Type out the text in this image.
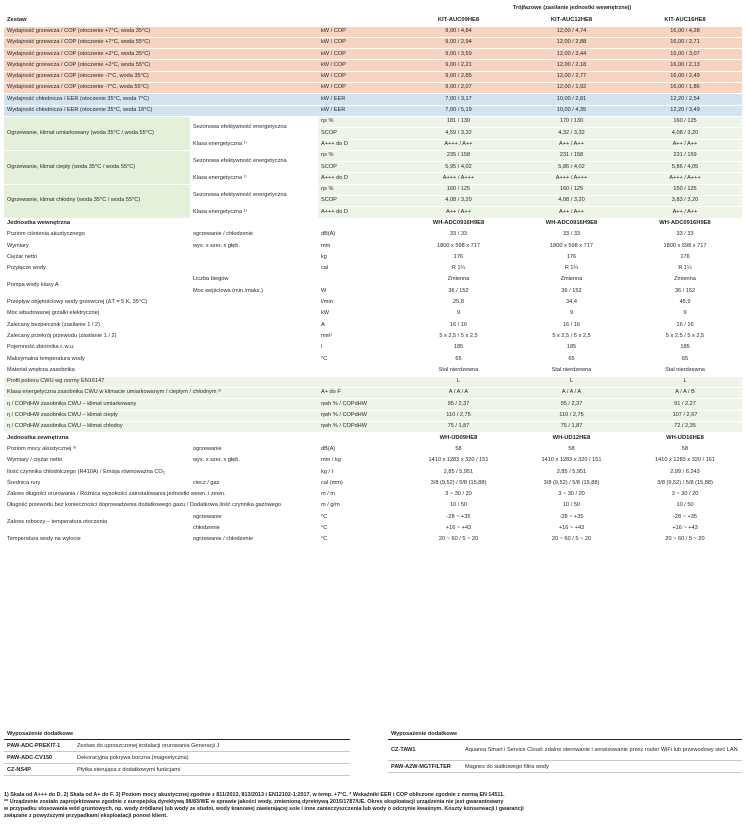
			Trójfazowe (zasilanie jednostki wewnętrznej)		
Zestaw			KIT-AUC09HE8	KIT-AUC12HE8	KIT-AUC16HE8
Wydajność grzewcza / COP (otoczenie +7°C, woda 35°C)		kW / COP	9,00 / 4,84	12,00 / 4,74	16,00 / 4,28
Wydajność grzewcza / COP (otoczenie +7°C, woda 55°C)		kW / COP	9,00 / 2,94	12,00 / 2,88	16,00 / 2,71
Wydajność grzewcza / COP (otoczenie +2°C, woda 35°C)		kW / COP	9,00 / 3,59	12,00 / 3,44	16,00 / 3,07
Wydajność grzewcza / COP (otoczenie +2°C, woda 55°C)		kW / COP	9,00 / 2,21	12,00 / 2,18	16,00 / 2,13
Wydajność grzewcza / COP (otoczenie -7°C, woda 35°C)		kW / COP	9,00 / 2,85	12,00 / 2,77	16,00 / 2,49
Wydajność grzewcza / COP (otoczenie -7°C, woda 55°C)		kW / COP	9,00 / 2,07	12,00 / 1,92	16,00 / 1,86
Wydajność chłodnicza / EER (otoczenie 35°C, woda 7°C)		kW / EER	7,00 / 3,17	10,00 / 2,81	12,20 / 2,54
Wydajność chłodnicza / EER (otoczenie 35°C, woda 18°C)		kW / EER	7,00 / 5,19	10,00 / 4,35	12,20 / 3,49
Ogrzewanie, klimat umiarkowany (woda 35°C / woda 55°C)	Sezonowa efektywność energetyczna	ηs %	181 / 130	170 / 130	160 / 125
		SCOP	4,59 / 3,32	4,32 / 3,32	4,08 / 3,20
	Klasa energetyczna ¹⁾	A+++ do D	A+++ / A++	A++ / A++	A++ / A++
Ogrzewanie, klimat ciepły (woda 35°C / woda 55°C)	Sezonowa efektywność energetyczna	ηs %	235 / 158	231 / 158	231 / 159
		SCOP	5,95 / 4,02	5,86 / 4,02	5,86 / 4,05
	Klasa energetyczna ¹⁾	A+++ do D	A+++ / A+++	A+++ / A+++	A+++ / A+++
Ogrzewanie, klimat chłodny (woda 35°C / woda 55°C)	Sezonowa efektywność energetyczna	ηs %	160 / 125	160 / 125	150 / 125
		SCOP	4,08 / 3,20	4,08 / 3,20	3,83 / 3,20
	Klasa energetyczna ¹⁾	A+++ do D	A++ / A++	A++ / A++	A++ / A++
Jednostka wewnętrzna			WH-ADC0916H9E8	WH-ADC0916H9E8	WH-ADC0916H9E8
Poziom ciśnienia akustycznego	ogrzewanie / chłodzenie	dB(A)	33 / 33	33 / 33	33 / 33
Wymiary	wys. x szer. x głęb.	mm	1800 x 598 x 717	1800 x 598 x 717	1800 x 598 x 717
Ciężar netto		kg	176	176	176
Przyłącze wody		cal	R 1¼	R 1¼	R 1¼
Pompa wody klasy A	Liczba biegów		Zmienna	Zmienna	Zmienna
	Moc wejściowa (min./maks.)	W	36 / 152	36 / 152	36 / 152
Przepływ objętościowy wody grzewczej (ΔT = 5 K, 35°C)		l/min	25,8	34,4	45,9
Moc wbudowanej grzałki elektrycznej		kW	9	9	9
Zalecany bezpiecznik (zasilanie 1 / 2)		A	16 / 16	16 / 16	16 / 16
Zalecany przekrój przewodu (zasilanie 1 / 2)		mm²	5 x 2,5 / 5 x 2,5	5 x 2,5 / 5 x 2,5	5 x 2,5 / 5 x 2,5
Pojemność zbiornika c.w.u.		l	185	185	185
Maksymalna temperatura wody		°C	65	65	65
Materiał wnętrza zasobnika			Stal nierdzewna	Stal nierdzewna	Stal nierdzewna
Profil poboru CWU wg normy EN16147			L	L	L
Klasa energetyczna zasobnika CWU w klimacie umiarkowanym / ciepłym / chłodnym ²⁾		A+ do F	A / A / A	A / A / A	A / A / B
η / COPdHW zasobnika CWU – klimat umiarkowany		ηwh % / COPdHW	95 / 2,37	95 / 2,37	91 / 2,27
η / COPdHW zasobnika CWU – klimat ciepły		ηwh % / COPdHW	110 / 2,75	110 / 2,75	107 / 2,67
η / COPdHW zasobnika CWU – klimat chłodny		ηwh % / COPdHW	75 / 1,87	75 / 1,87	72 / 2,35
Jednostka zewnętrzna			WH-UD09HE8	WH-UD12HE8	WH-UD16HE8
Poziom mocy akustycznej ³⁾	ogrzewanie	dB(A)	58	58	58
Wymiary / ciężar netto	wys. x szer. x głęb.	mm / kg	1410 x 1283 x 320 / 151	1410 x 1283 x 320 / 151	1410 x 1283 x 320 / 161
Ilość czynnika chłodniczego (R410A) / Emisja równoważna CO₂		kg / t	2,85 / 5,951	2,85 / 5,951	2,99 / 6,243
Średnica rury	ciecz / gaz	cal (mm)	3/8 (9,52) / 5/8 (15,88)	3/8 (9,52) / 5/8 (15,88)	3/8 (9,52) / 5/8 (15,88)
Zakres długości orurowania / Różnica wysokości zainstalowania jednostki wewn. i zewn.		m / m	3 ~ 30 / 20	3 ~ 30 / 20	3 ~ 30 / 20
Długość przewodu bez konieczności doprowadzenia dodatkowego gazu / Dodatkowa ilość czynnika gazowego		m / g/m	10 / 50	10 / 50	10 / 50
Zakres roboczy – temperatura otoczenia	ogrzewanie	°C	-28 ~ +35	-28 ~ +35	-28 ~ +35
	chłodzenie	°C	+16 ~ +43	+16 ~ +43	+16 ~ +43
Temperatura wody na wylocie	ogrzewanie / chłodzenie	°C	20 ~ 60 / 5 ~ 20	20 ~ 60 / 5 ~ 20	20 ~ 60 / 5 ~ 20
Wyposażenie dodatkowe	
PAW-ADC-PREKIT-1	Zestaw do uproszczonej instalacji orurowania Generacji J
PAW-ADC-CV150	Dekoracyjna pokrywa boczna (magnetyczna)
CZ-NS4P	Płytka sterująca z dodatkowymi funkcjami
Wyposażenie dodatkowe	
CZ-TAW1	Aquarea Smart i Service Cloud: zdalne sterowanie i serwisowanie przez router WiFi lub przewodowy sieć LAN
PAW-A2W-MGTFILTER	Magnes do siatkowego filtra wody

1) Skala od A+++ do D. 2) Skala od A+ do F. 3) Poziom mocy akustycznej zgodnie z 811/2013, 813/2013 i EN12102-1:2017, w temp. +7°C. * Wskaźniki EER i COP obliczone zgodnie z normą EN 14511.

** Urządzenie zostało zaprojektowane zgodnie z europejską dyrektywą 98/83/WE w sprawie jakości wody, zmienioną dyrektywą 2015/1787/UE. Okres eksploatacji urządzenia nie jest gwarantowany

w przypadku stosowania wód gruntowych, np. wody źródlanej lub wody ze studni, wody kranowej zawierającej sole i inne zanieczyszczenia lub wody o odczynie kwaśnym. Koszty konserwacji i gwarancji

związane z powyższymi przypadkami eksploatacji ponosi klient.
